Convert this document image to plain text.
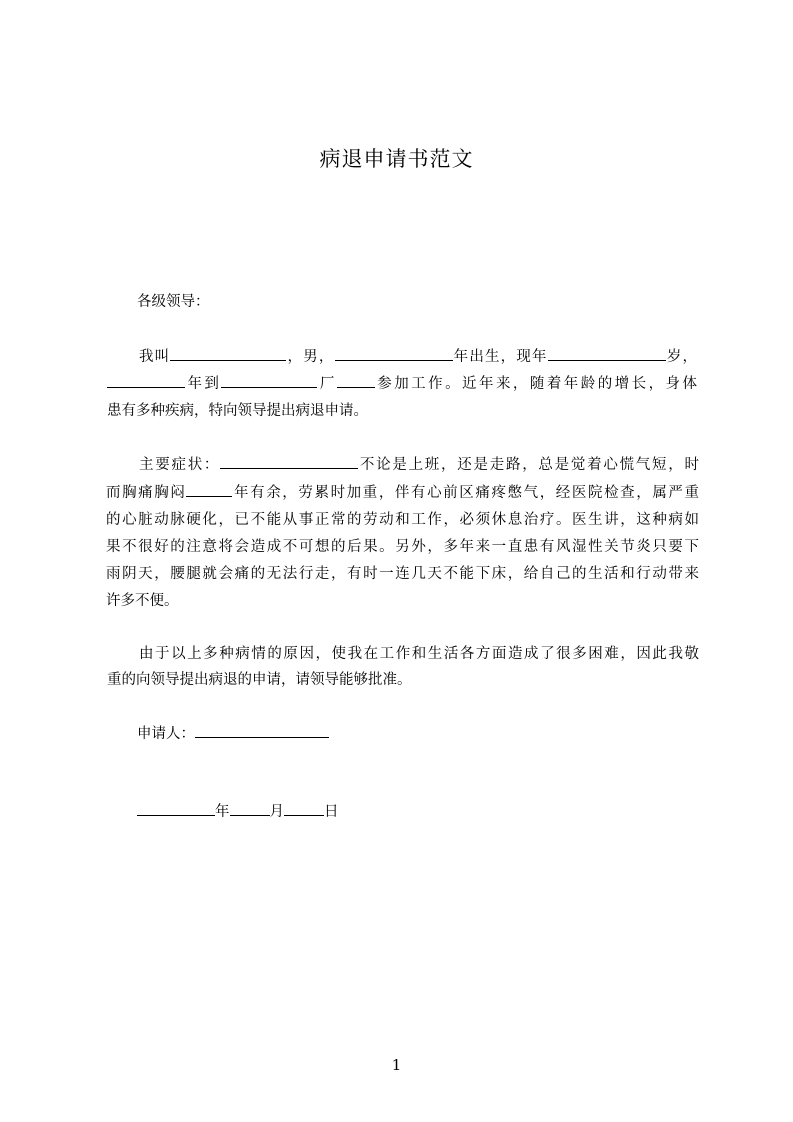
病退申请书范文
各级领导：
我叫	，男，	年出生，现年	岁，
年到	厂	参加工作。近年来，随着年龄的增长，身体
患有多种疾病，特向领导提出病退申请。
主要症状：	不论是上班，还是走路，总是觉着心慌气短，时
而胸痛胸闷	年有余，劳累时加重，伴有心前区痛疼憋气，经医院检查，属严重
的心脏动脉硬化，已不能从事正常的劳动和工作，必须休息治疗。医生讲，这种病如
果不很好的注意将会造成不可想的后果。另外，多年来一直患有风湿性关节炎只要下
雨阴天，腰腿就会痛的无法行走，有时一连几天不能下床，给自己的生活和行动带来
许多不便。
由于以上多种病情的原因，使我在工作和生活各方面造成了很多困难，因此我敬
重的向领导提出病退的申请，请领导能够批准。
申请人：
年	月	日
1
